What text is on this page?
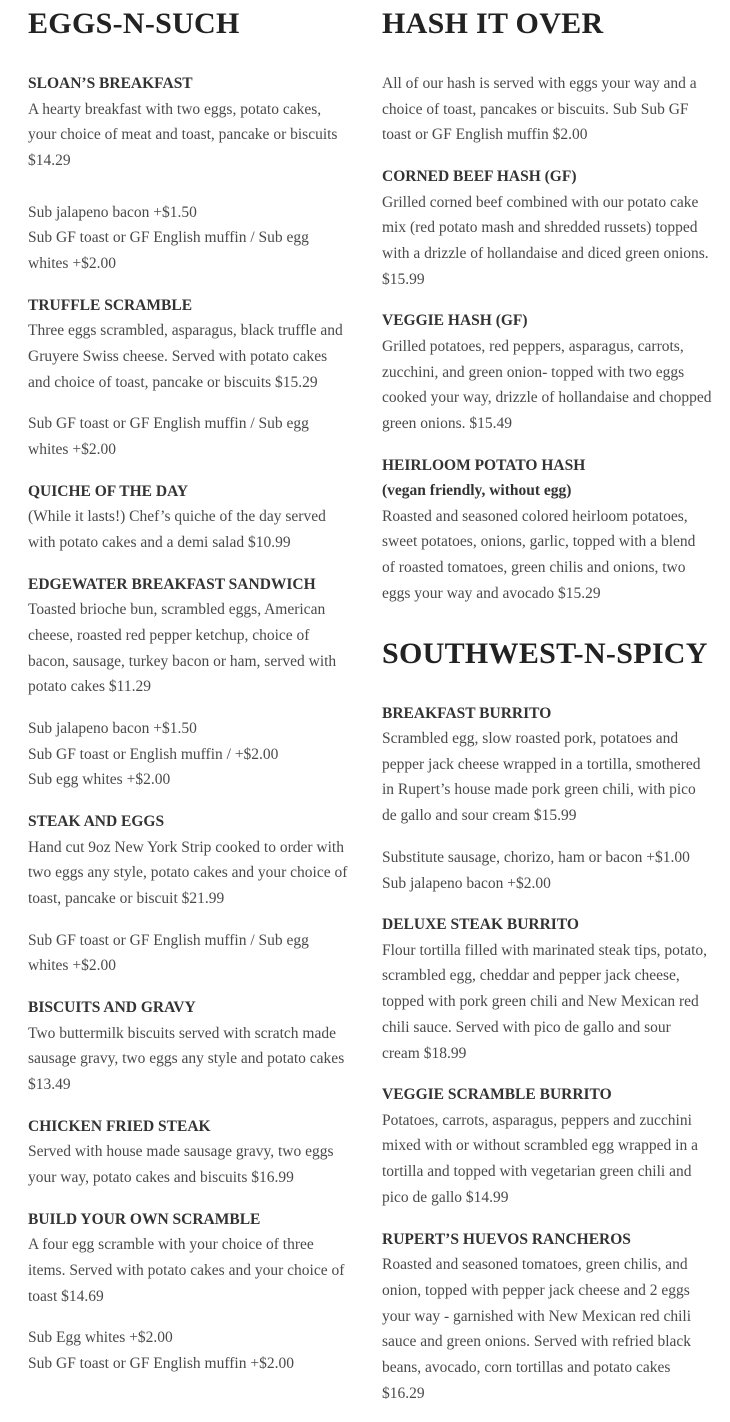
EGGS-N-SUCH
SLOAN’S BREAKFAST
A hearty breakfast with two eggs, potato cakes, your choice of meat and toast, pancake or biscuits $14.29
Sub jalapeno bacon +$1.50
Sub GF toast or GF English muffin / Sub egg whites +$2.00
TRUFFLE SCRAMBLE
Three eggs scrambled, asparagus, black truffle and Gruyere Swiss cheese. Served with potato cakes and choice of toast, pancake or biscuits $15.29
Sub GF toast or GF English muffin / Sub egg whites +$2.00
QUICHE OF THE DAY
(While it lasts!) Chef’s quiche of the day served with potato cakes and a demi salad $10.99
EDGEWATER BREAKFAST SANDWICH
Toasted brioche bun, scrambled eggs, American cheese, roasted red pepper ketchup, choice of bacon, sausage, turkey bacon or ham, served with potato cakes $11.29
Sub jalapeno bacon +$1.50
Sub GF toast or English muffin / +$2.00
Sub egg whites +$2.00
STEAK AND EGGS
Hand cut 9oz New York Strip cooked to order with two eggs any style, potato cakes and your choice of toast, pancake or biscuit $21.99
Sub GF toast or GF English muffin / Sub egg whites +$2.00
BISCUITS AND GRAVY
Two buttermilk biscuits served with scratch made sausage gravy, two eggs any style and potato cakes $13.49
CHICKEN FRIED STEAK
Served with house made sausage gravy, two eggs your way, potato cakes and biscuits $16.99
BUILD YOUR OWN SCRAMBLE
A four egg scramble with your choice of three items. Served with potato cakes and your choice of toast $14.69
Sub Egg whites +$2.00
Sub GF toast or GF English muffin +$2.00
HASH IT OVER
All of our hash is served with eggs your way and a choice of toast, pancakes or biscuits. Sub Sub GF toast or GF English muffin $2.00
CORNED BEEF HASH (GF)
Grilled corned beef combined with our potato cake mix (red potato mash and shredded russets) topped with a drizzle of hollandaise and diced green onions. $15.99
VEGGIE HASH (GF)
Grilled potatoes, red peppers, asparagus, carrots, zucchini, and green onion- topped with two eggs cooked your way, drizzle of hollandaise and chopped green onions. $15.49
HEIRLOOM POTATO HASH
(vegan friendly, without egg)
Roasted and seasoned colored heirloom potatoes, sweet potatoes, onions, garlic, topped with a blend of roasted tomatoes, green chilis and onions, two eggs your way and avocado $15.29
SOUTHWEST-N-SPICY
BREAKFAST BURRITO
Scrambled egg, slow roasted pork, potatoes and pepper jack cheese wrapped in a tortilla, smothered in Rupert’s house made pork green chili, with pico de gallo and sour cream $15.99
Substitute sausage, chorizo, ham or bacon +$1.00
Sub jalapeno bacon +$2.00
DELUXE STEAK BURRITO
Flour tortilla filled with marinated steak tips, potato, scrambled egg, cheddar and pepper jack cheese, topped with pork green chili and New Mexican red chili sauce. Served with pico de gallo and sour cream $18.99
VEGGIE SCRAMBLE BURRITO
Potatoes, carrots, asparagus, peppers and zucchini mixed with or without scrambled egg wrapped in a tortilla and topped with vegetarian green chili and pico de gallo $14.99
RUPERT’S HUEVOS RANCHEROS
Roasted and seasoned tomatoes, green chilis, and onion, topped with pepper jack cheese and 2 eggs your way - garnished with New Mexican red chili sauce and green onions. Served with refried black beans, avocado, corn tortillas and potato cakes $16.29
